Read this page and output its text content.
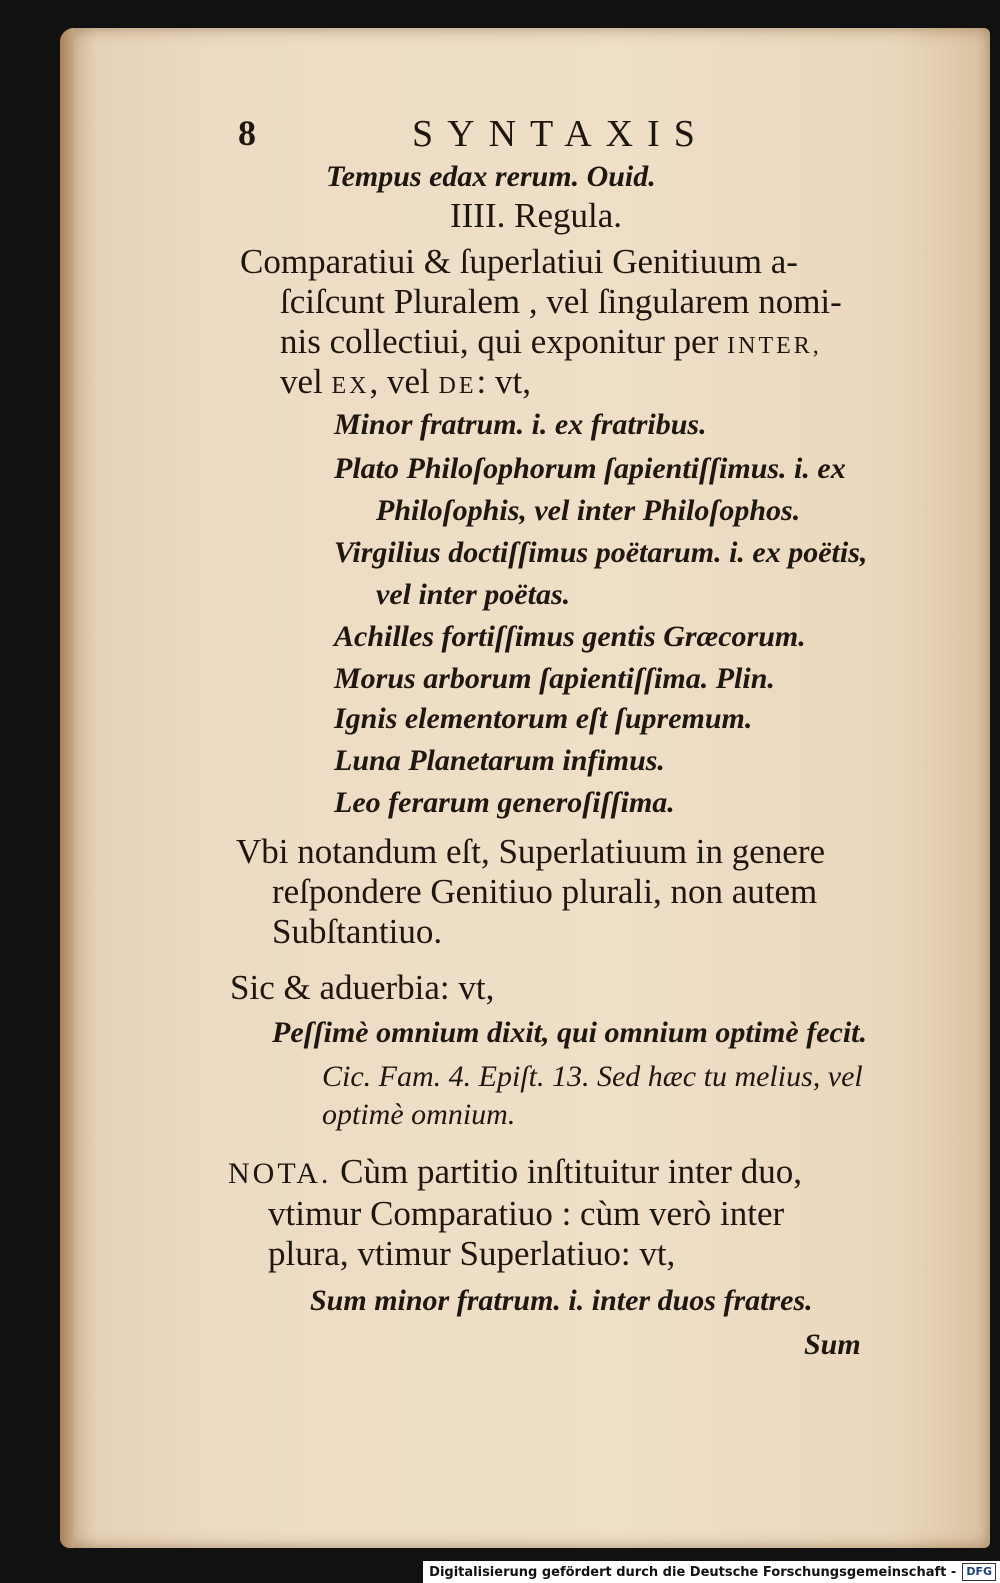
8	SYNTAXIS
Tempus edax rerum. Ouid.
IIII. Regula.
Comparatiui & ſuperlatiui Genitiuum a-
ſciſcunt Pluralem , vel ſingularem nomi-
nis collectiui, qui exponitur per INTER,
vel EX, vel DE: vt,
Minor fratrum. i. ex fratribus.
Plato Philoſophorum ſapientiſſimus. i. ex
Philoſophis, vel inter Philoſophos.
Virgilius doctiſſimus poëtarum. i. ex poëtis,
vel inter poëtas.
Achilles fortiſſimus gentis Græcorum.
Morus arborum ſapientiſſima. Plin.
Ignis elementorum eſt ſupremum.
Luna Planetarum infimus.
Leo ferarum generoſiſſima.
Vbi notandum eſt, Superlatiuum in genere
reſpondere Genitiuo plurali, non autem
Subſtantiuo.
Sic & aduerbia: vt,
Peſſimè omnium dixit, qui omnium optimè fecit.
Cic. Fam. 4. Epiſt. 13. Sed hæc tu melius, vel
optimè omnium.
NOTA. Cùm partitio inſtituitur inter duo,
vtimur Comparatiuo : cùm verò inter
plura, vtimur Superlatiuo: vt,
Sum minor fratrum. i. inter duos fratres.
Sum
Digitalisierung gefördert durch die Deutsche Forschungsgemeinschaft - DFG
